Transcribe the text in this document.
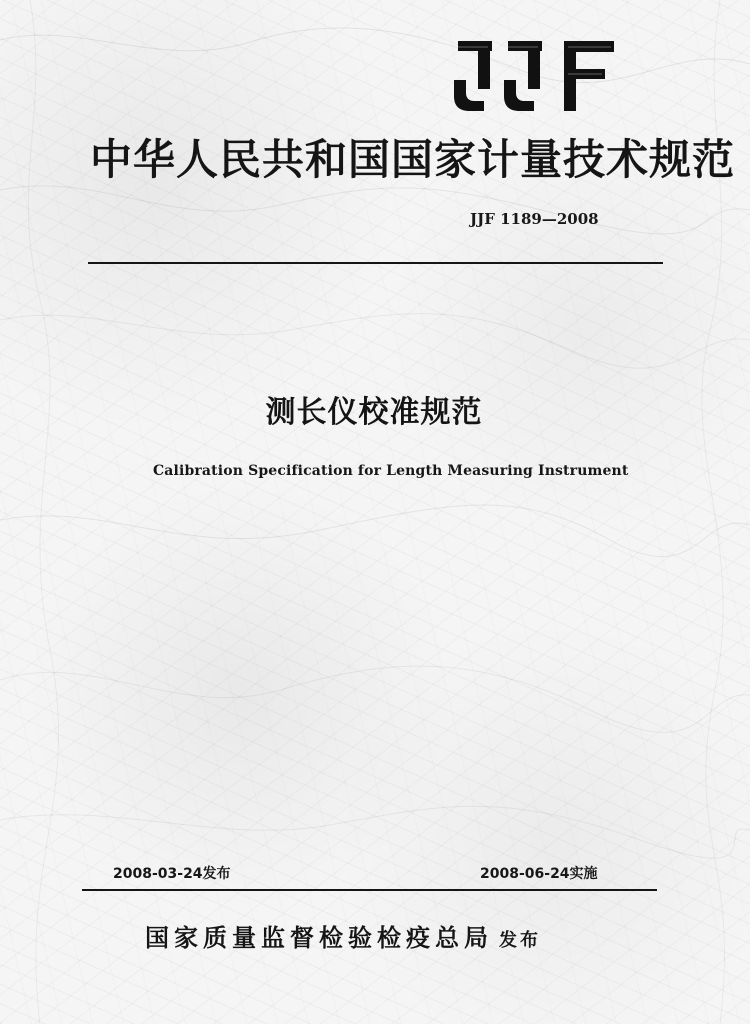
中华人民共和国国家计量技术规范
JJF 1189—2008
测长仪校准规范
Calibration Specification for Length Measuring Instrument
2008-03-24发布	2008-06-24实施
国家质量监督检验检疫总局 发布
